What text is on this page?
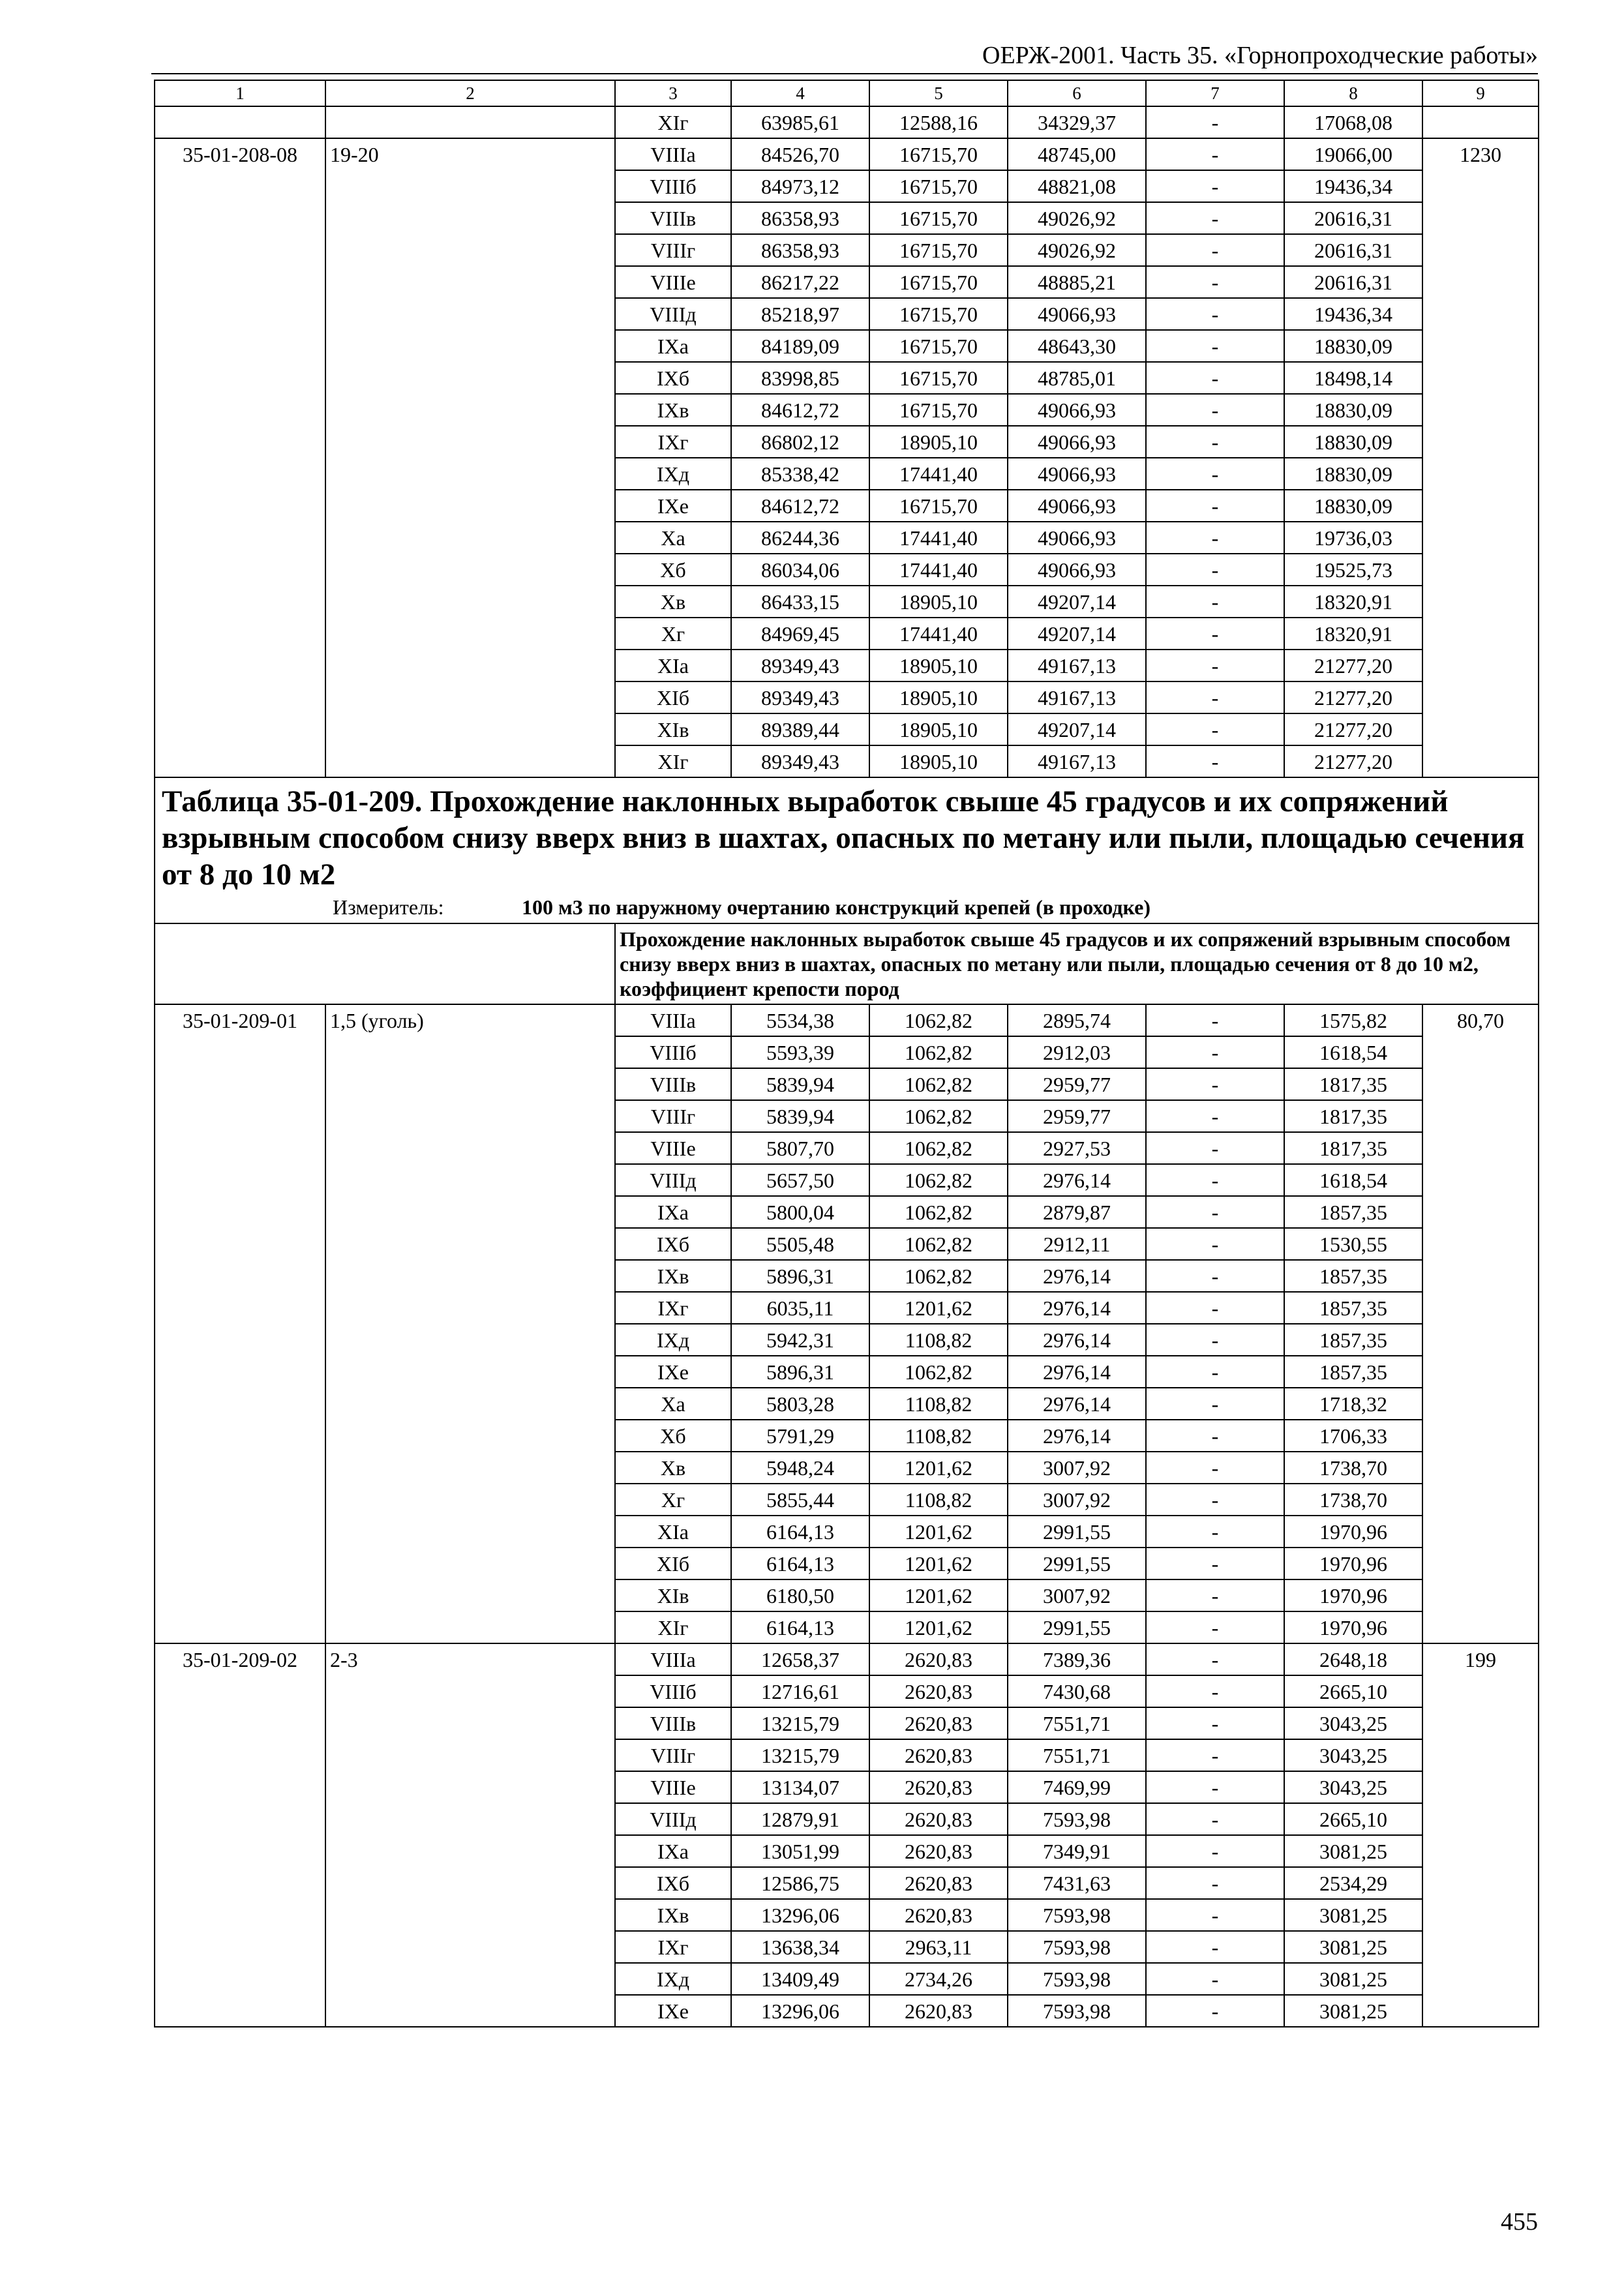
ОЕРЖ-2001. Часть 35. «Горнопроходческие работы»
1	2	3	4	5	6	7	8	9
		XIг	63985,61	12588,16	34329,37	-	17068,08	
35-01-208-08	19-20	VIIIа	84526,70	16715,70	48745,00	-	19066,00	1230
		VIIIб	84973,12	16715,70	48821,08	-	19436,34	
		VIIIв	86358,93	16715,70	49026,92	-	20616,31	
		VIIIг	86358,93	16715,70	49026,92	-	20616,31	
		VIIIе	86217,22	16715,70	48885,21	-	20616,31	
		VIIIд	85218,97	16715,70	49066,93	-	19436,34	
		IXа	84189,09	16715,70	48643,30	-	18830,09	
		IXб	83998,85	16715,70	48785,01	-	18498,14	
		IXв	84612,72	16715,70	49066,93	-	18830,09	
		IXг	86802,12	18905,10	49066,93	-	18830,09	
		IXд	85338,42	17441,40	49066,93	-	18830,09	
		IXе	84612,72	16715,70	49066,93	-	18830,09	
		Xа	86244,36	17441,40	49066,93	-	19736,03	
		Xб	86034,06	17441,40	49066,93	-	19525,73	
		Xв	86433,15	18905,10	49207,14	-	18320,91	
		Xг	84969,45	17441,40	49207,14	-	18320,91	
		XIа	89349,43	18905,10	49167,13	-	21277,20	
		XIб	89349,43	18905,10	49167,13	-	21277,20	
		XIв	89389,44	18905,10	49207,14	-	21277,20	
		XIг	89349,43	18905,10	49167,13	-	21277,20	

Таблица 35-01-209. Прохождение наклонных выработок свыше 45 градусов и их сопряжений взрывным способом снизу вверх вниз в шахтах, опасных по метану или пыли, площадью сечения от 8 до 10 м2
Измеритель: 100 м3 по наружному очертанию конструкций крепей (в проходке)								

		Прохождение наклонных выработок свыше 45 градусов и их сопряжений взрывным способом снизу вверх вниз в шахтах, опасных по метану или пыли, площадью сечения от 8 до 10 м2, коэффициент крепости пород						
35-01-209-01	1,5 (уголь)	VIIIа	5534,38	1062,82	2895,74	-	1575,82	80,70
		VIIIб	5593,39	1062,82	2912,03	-	1618,54	
		VIIIв	5839,94	1062,82	2959,77	-	1817,35	
		VIIIг	5839,94	1062,82	2959,77	-	1817,35	
		VIIIе	5807,70	1062,82	2927,53	-	1817,35	
		VIIIд	5657,50	1062,82	2976,14	-	1618,54	
		IXа	5800,04	1062,82	2879,87	-	1857,35	
		IXб	5505,48	1062,82	2912,11	-	1530,55	
		IXв	5896,31	1062,82	2976,14	-	1857,35	
		IXг	6035,11	1201,62	2976,14	-	1857,35	
		IXд	5942,31	1108,82	2976,14	-	1857,35	
		IXе	5896,31	1062,82	2976,14	-	1857,35	
		Xа	5803,28	1108,82	2976,14	-	1718,32	
		Xб	5791,29	1108,82	2976,14	-	1706,33	
		Xв	5948,24	1201,62	3007,92	-	1738,70	
		Xг	5855,44	1108,82	3007,92	-	1738,70	
		XIа	6164,13	1201,62	2991,55	-	1970,96	
		XIб	6164,13	1201,62	2991,55	-	1970,96	
		XIв	6180,50	1201,62	3007,92	-	1970,96	
		XIг	6164,13	1201,62	2991,55	-	1970,96	
35-01-209-02	2-3	VIIIа	12658,37	2620,83	7389,36	-	2648,18	199
		VIIIб	12716,61	2620,83	7430,68	-	2665,10	
		VIIIв	13215,79	2620,83	7551,71	-	3043,25	
		VIIIг	13215,79	2620,83	7551,71	-	3043,25	
		VIIIе	13134,07	2620,83	7469,99	-	3043,25	
		VIIIд	12879,91	2620,83	7593,98	-	2665,10	
		IXа	13051,99	2620,83	7349,91	-	3081,25	
		IXб	12586,75	2620,83	7431,63	-	2534,29	
		IXв	13296,06	2620,83	7593,98	-	3081,25	
		IXг	13638,34	2963,11	7593,98	-	3081,25	
		IXд	13409,49	2734,26	7593,98	-	3081,25	
		IXе	13296,06	2620,83	7593,98	-	3081,25	
455
